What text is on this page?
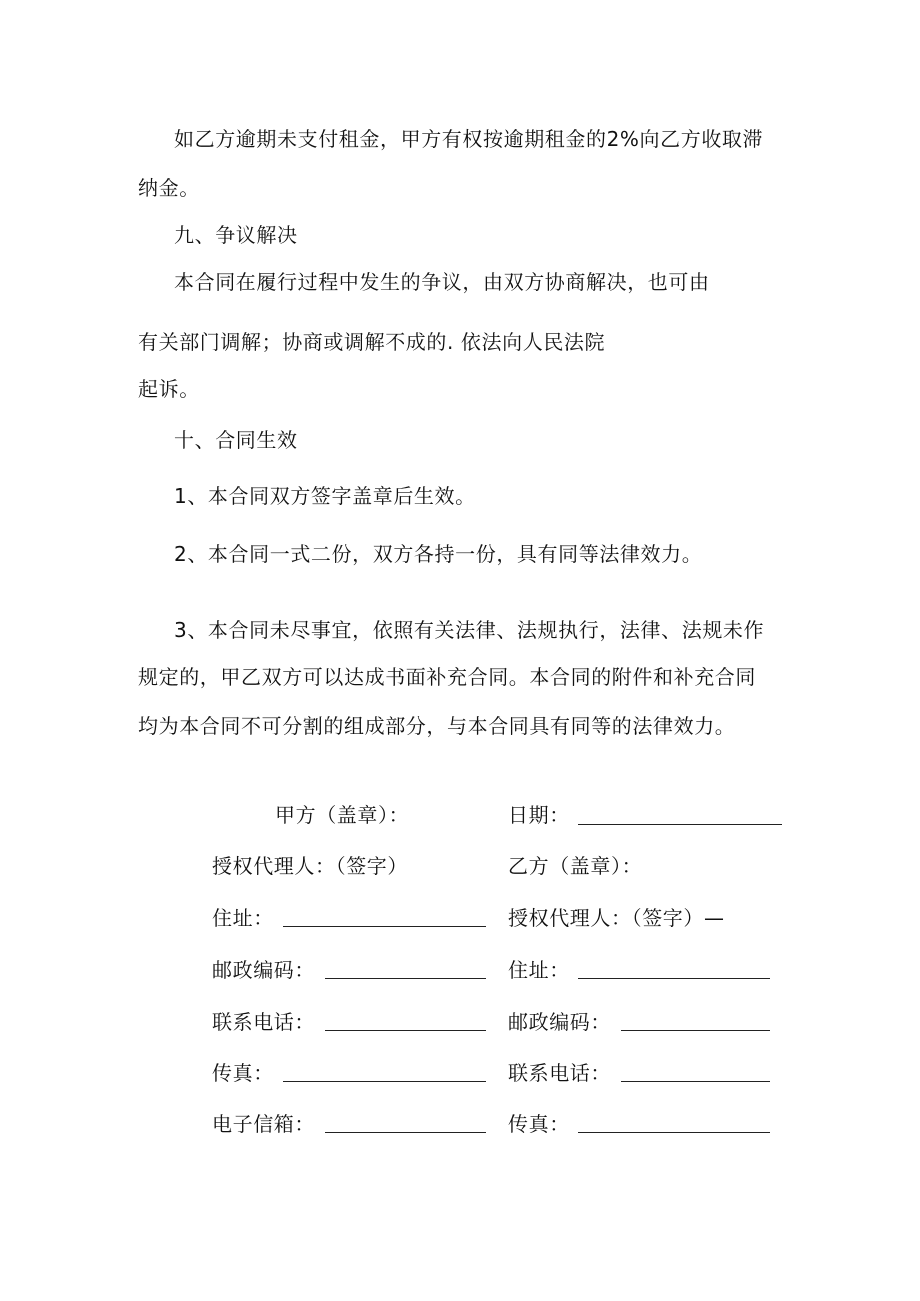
如乙方逾期未支付租金，甲方有权按逾期租金的2%向乙方收取滞
纳金。
九、争议解决
本合同在履行过程中发生的争议，由双方协商解决，也可由
有关部门调解；协商或调解不成的. 依法向人民法院
起诉。
十、合同生效
1、本合同双方签字盖章后生效。
2、本合同一式二份，双方各持一份，具有同等法律效力。
3、本合同未尽事宜，依照有关法律、法规执行，法律、法规未作
规定的，甲乙双方可以达成书面补充合同。本合同的附件和补充合同
均为本合同不可分割的组成部分，与本合同具有同等的法律效力。
甲方（盖章）：
授权代理人：（签字）
住址：
邮政编码：
联系电话：
传真：
电子信箱：
日期：
乙方（盖章）：
授权代理人：（签字）—
住址：
邮政编码：
联系电话：
传真：
